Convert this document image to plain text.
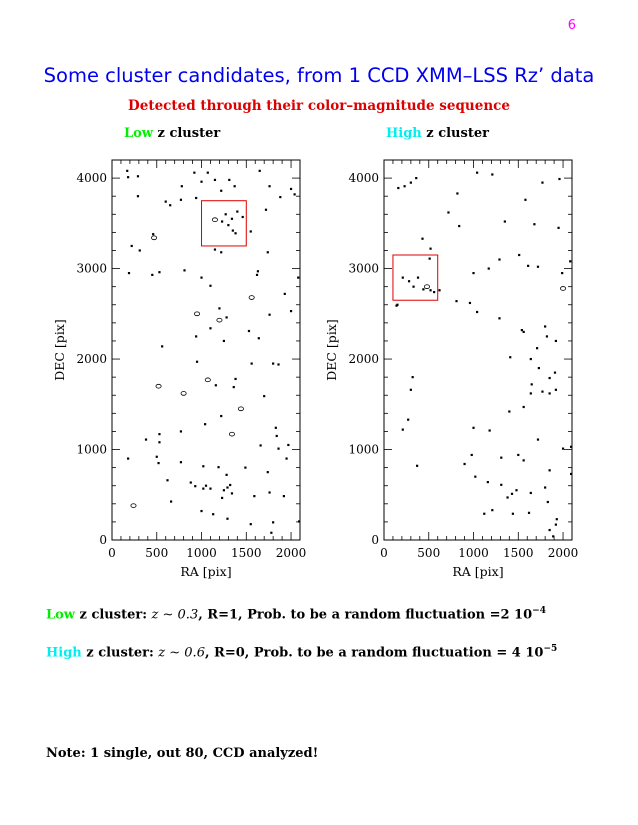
6
Some cluster candidates, from 1 CCD XMM–LSS Rz’ data
Detected through their color–magnitude sequence
Low z cluster	High z cluster
0 500 1000 1500 2000
0
1000
2000
3000
4000
RA [pix]
DEC [pix]
0 500 1000 1500 2000
0
1000
2000
3000
4000
RA [pix]
DEC [pix]
Low z cluster: z ∼ 0.3, R=1, Prob. to be a random fluctuation =2 $10^{-4}$
High z cluster: z ∼ 0.6, R=0, Prob. to be a random fluctuation = 4 $10^{-5}$
Note: 1 single, out 80, CCD analyzed!
